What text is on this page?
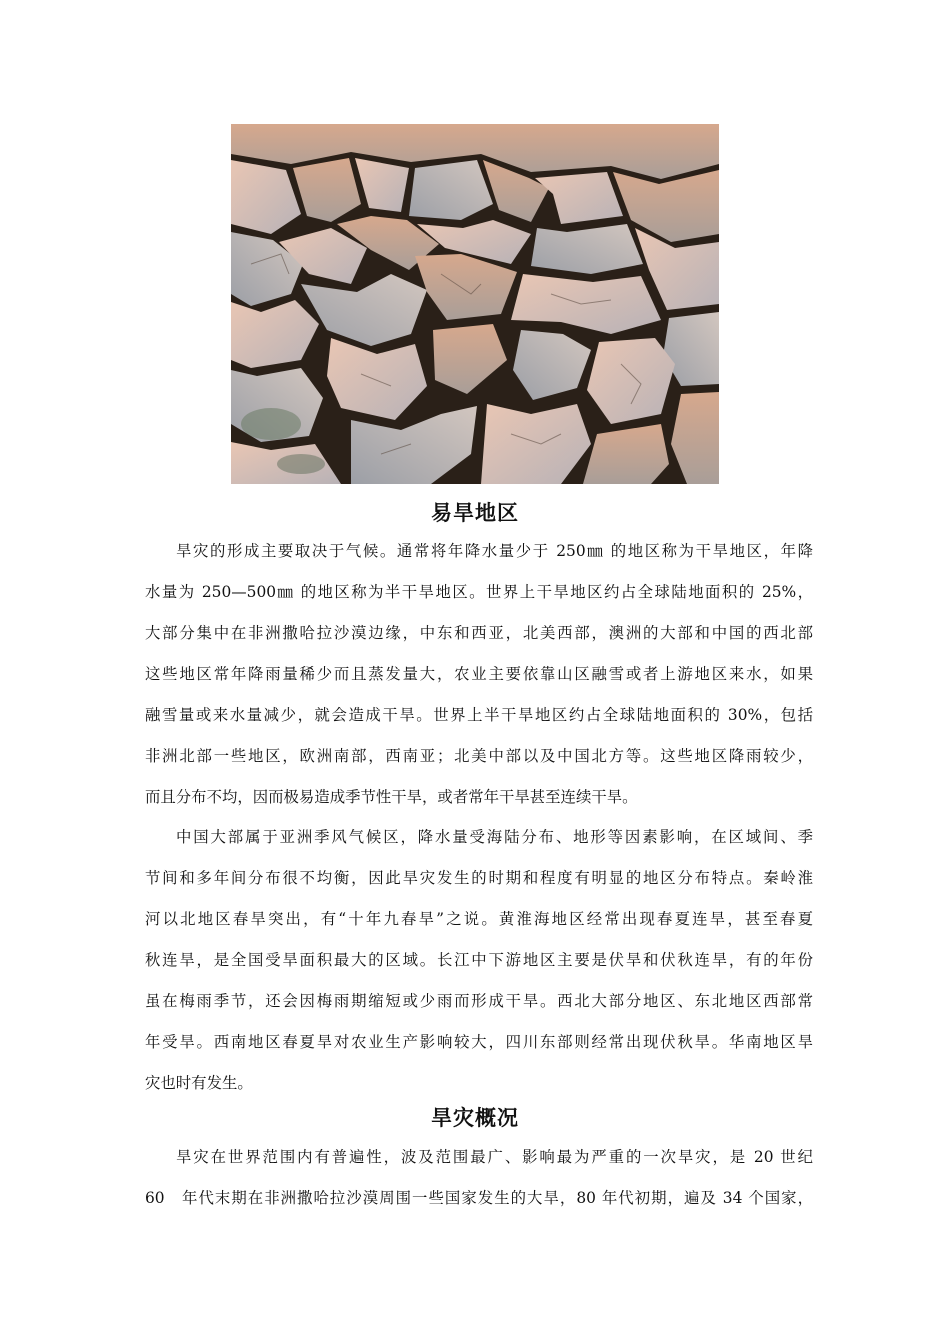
易旱地区
旱灾的形成主要取决于气候。通常将年降水量少于 250㎜ 的地区称为干旱地区，年降
水量为 250—500㎜ 的地区称为半干旱地区。世界上干旱地区约占全球陆地面积的 25%，
大部分集中在非洲撒哈拉沙漠边缘，中东和西亚，北美西部，澳洲的大部和中国的西北部
这些地区常年降雨量稀少而且蒸发量大，农业主要依靠山区融雪或者上游地区来水，如果
融雪量或来水量减少，就会造成干旱。世界上半干旱地区约占全球陆地面积的 30%，包括
非洲北部一些地区，欧洲南部，西南亚；北美中部以及中国北方等。这些地区降雨较少，
而且分布不均，因而极易造成季节性干旱，或者常年干旱甚至连续干旱。
中国大部属于亚洲季风气候区，降水量受海陆分布、地形等因素影响，在区域间、季
节间和多年间分布很不均衡，因此旱灾发生的时期和程度有明显的地区分布特点。秦岭淮
河以北地区春旱突出，有“十年九春旱”之说。黄淮海地区经常出现春夏连旱，甚至春夏
秋连旱，是全国受旱面积最大的区域。长江中下游地区主要是伏旱和伏秋连旱，有的年份
虽在梅雨季节，还会因梅雨期缩短或少雨而形成干旱。西北大部分地区、东北地区西部常
年受旱。西南地区春夏旱对农业生产影响较大，四川东部则经常出现伏秋旱。华南地区旱
灾也时有发生。
旱灾概况
旱灾在世界范围内有普遍性，波及范围最广、影响最为严重的一次旱灾，是 20 世纪
60　年代末期在非洲撒哈拉沙漠周围一些国家发生的大旱，80 年代初期，遍及 34 个国家，
